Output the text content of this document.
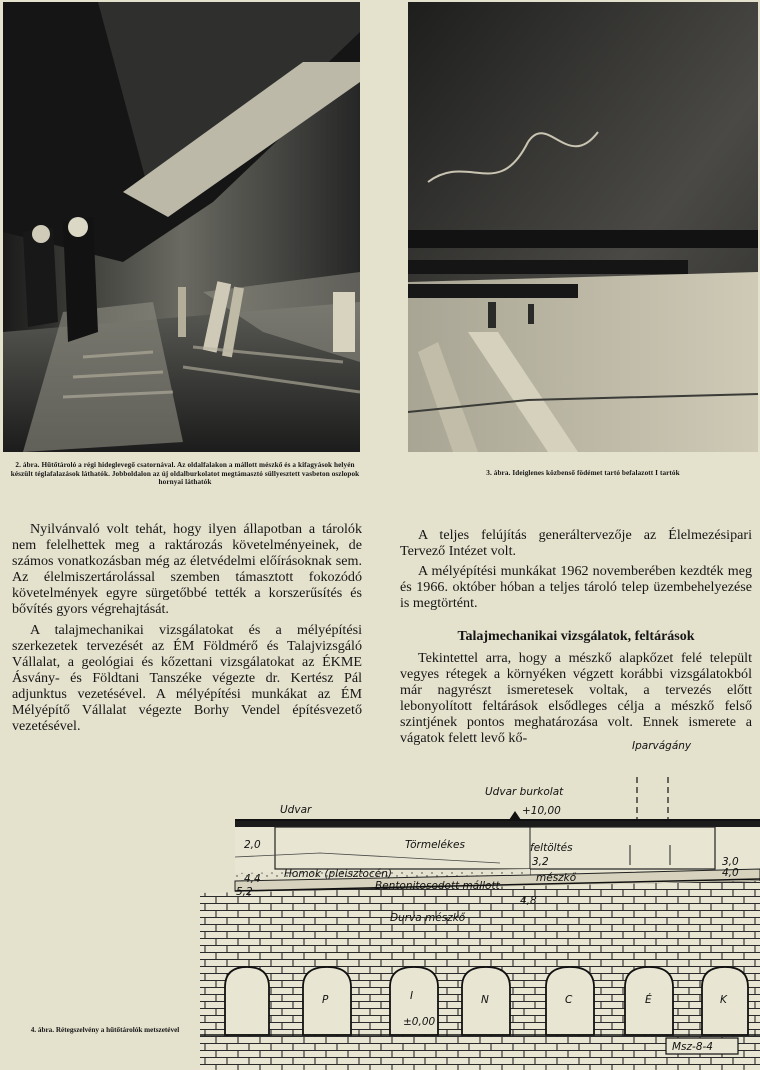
2. ábra. Hűtőtároló a régi hideglevegő csatornával. Az oldalfalakon a mállott mészkő és a kifagyások helyén készült téglafalazások láthatók. Jobboldalon az új oldalburkolatot megtámasztó süllyesztett vasbeton oszlopok hornyai láthatók
3. ábra. Ideiglenes közbenső födémet tartó befalazott I tartók

Nyilvánvaló volt tehát, hogy ilyen állapotban a tárolók nem felelhettek meg a raktározás követelményeinek, de számos vonatkozásban még az életvédelmi előírásoknak sem. Az élelmiszertárolással szemben támasztott fokozódó követelmények egyre sürgetőbbé tették a korszerűsítés és bővítés gyors végrehajtását.

A talajmechanikai vizsgálatokat és a mélyépítési szerkezetek tervezését az ÉM Földmérő és Talajvizsgáló Vállalat, a geológiai és kőzettani vizsgálatokat az ÉKME Ásvány- és Földtani Tanszéke végezte dr. Kertész Pál adjunktus vezetésével. A mélyépítési munkákat az ÉM Mélyépítő Vállalat végezte Borhy Vendel építésvezető vezetésével.

A teljes felújítás generáltervezője az Élelmezésipari Tervező Intézet volt.

A mélyépítési munkákat 1962 novemberében kezdték meg és 1966. október hóban a teljes tároló telep üzembehelyezése is megtörtént.

Talajmechanikai vizsgálatok, feltárások

Tekintettel arra, hogy a mészkő alapkőzet felé települt vegyes rétegek a környéken végzett korábbi vizsgálatokból már nagyrészt ismeretesek voltak, a tervezés előtt lebonyolított feltárások elsődleges célja a mészkő felső szintjének pontos meghatározása volt. Ennek ismerete a vágatok felett levő kő-	Iparvágány
Udvar	+10,00
Udvar burkolat
Törmelékes	feltöltés
Homok (pleisztocén)
Bentonitosodott mállott
mészkő
Durva mészkő
2,0
4,4
5,2
3,2
4,8
3,0
4,0
P	I	N	C	É	K
±0,00
Msz-8-4
4. ábra. Rétegszelvény a hűtőtárolók metszetével
